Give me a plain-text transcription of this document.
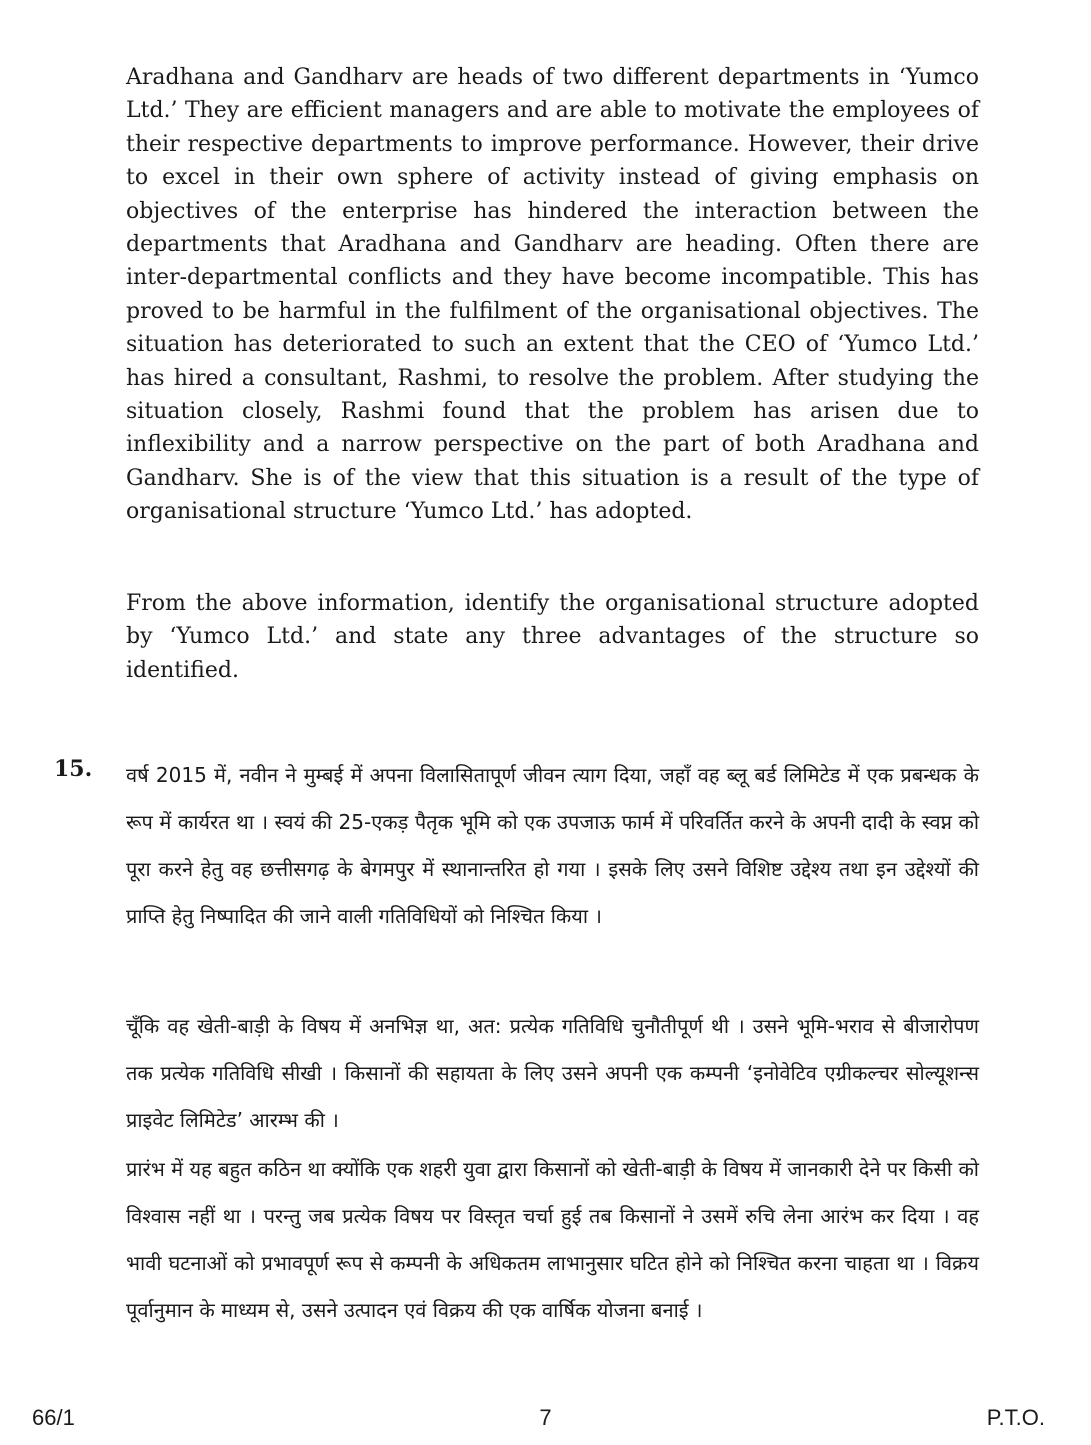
Aradhana and Gandharv are heads of two different departments in ‘Yumco Ltd.’ They are efficient managers and are able to motivate the employees of their respective departments to improve performance. However, their drive to excel in their own sphere of activity instead of giving emphasis on objectives of the enterprise has hindered the interaction between the departments that Aradhana and Gandharv are heading. Often there are inter-departmental conflicts and they have become incompatible. This has proved to be harmful in the fulfilment of the organisational objectives. The situation has deteriorated to such an extent that the CEO of ‘Yumco Ltd.’ has hired a consultant, Rashmi, to resolve the problem. After studying the situation closely, Rashmi found that the problem has arisen due to inflexibility and a narrow perspective on the part of both Aradhana and Gandharv. She is of the view that this situation is a result of the type of organisational structure ‘Yumco Ltd.’ has adopted.

From the above information, identify the organisational structure adopted by ‘Yumco Ltd.’ and state any three advantages of the structure so identified.

15. वर्ष 2015 में, नवीन ने मुम्बई में अपना विलासितापूर्ण जीवन त्याग दिया, जहाँ वह ब्लू बर्ड लिमिटेड में एक प्रबन्धक के रूप में कार्यरत था । स्वयं की 25-एकड़ पैतृक भूमि को एक उपजाऊ फार्म में परिवर्तित करने के अपनी दादी के स्वप्न को पूरा करने हेतु वह छत्तीसगढ़ के बेगमपुर में स्थानान्तरित हो गया । इसके लिए उसने विशिष्ट उद्देश्य तथा इन उद्देश्यों की प्राप्ति हेतु निष्पादित की जाने वाली गतिविधियों को निश्चित किया ।

चूँकि वह खेती-बाड़ी के विषय में अनभिज्ञ था, अत: प्रत्येक गतिविधि चुनौतीपूर्ण थी । उसने भूमि-भराव से बीजारोपण तक प्रत्येक गतिविधि सीखी । किसानों की सहायता के लिए उसने अपनी एक कम्पनी ‘इनोवेटिव एग्रीकल्चर सोल्यूशन्स प्राइवेट लिमिटेड’ आरम्भ की ।

प्रारंभ में यह बहुत कठिन था क्योंकि एक शहरी युवा द्वारा किसानों को खेती-बाड़ी के विषय में जानकारी देने पर किसी को विश्वास नहीं था । परन्तु जब प्रत्येक विषय पर विस्तृत चर्चा हुई तब किसानों ने उसमें रुचि लेना आरंभ कर दिया । वह भावी घटनाओं को प्रभावपूर्ण रूप से कम्पनी के अधिकतम लाभानुसार घटित होने को निश्चित करना चाहता था । विक्रय पूर्वानुमान के माध्यम से, उसने उत्पादन एवं विक्रय की एक वार्षिक योजना बनाई ।

66/1	7	P.T.O.
